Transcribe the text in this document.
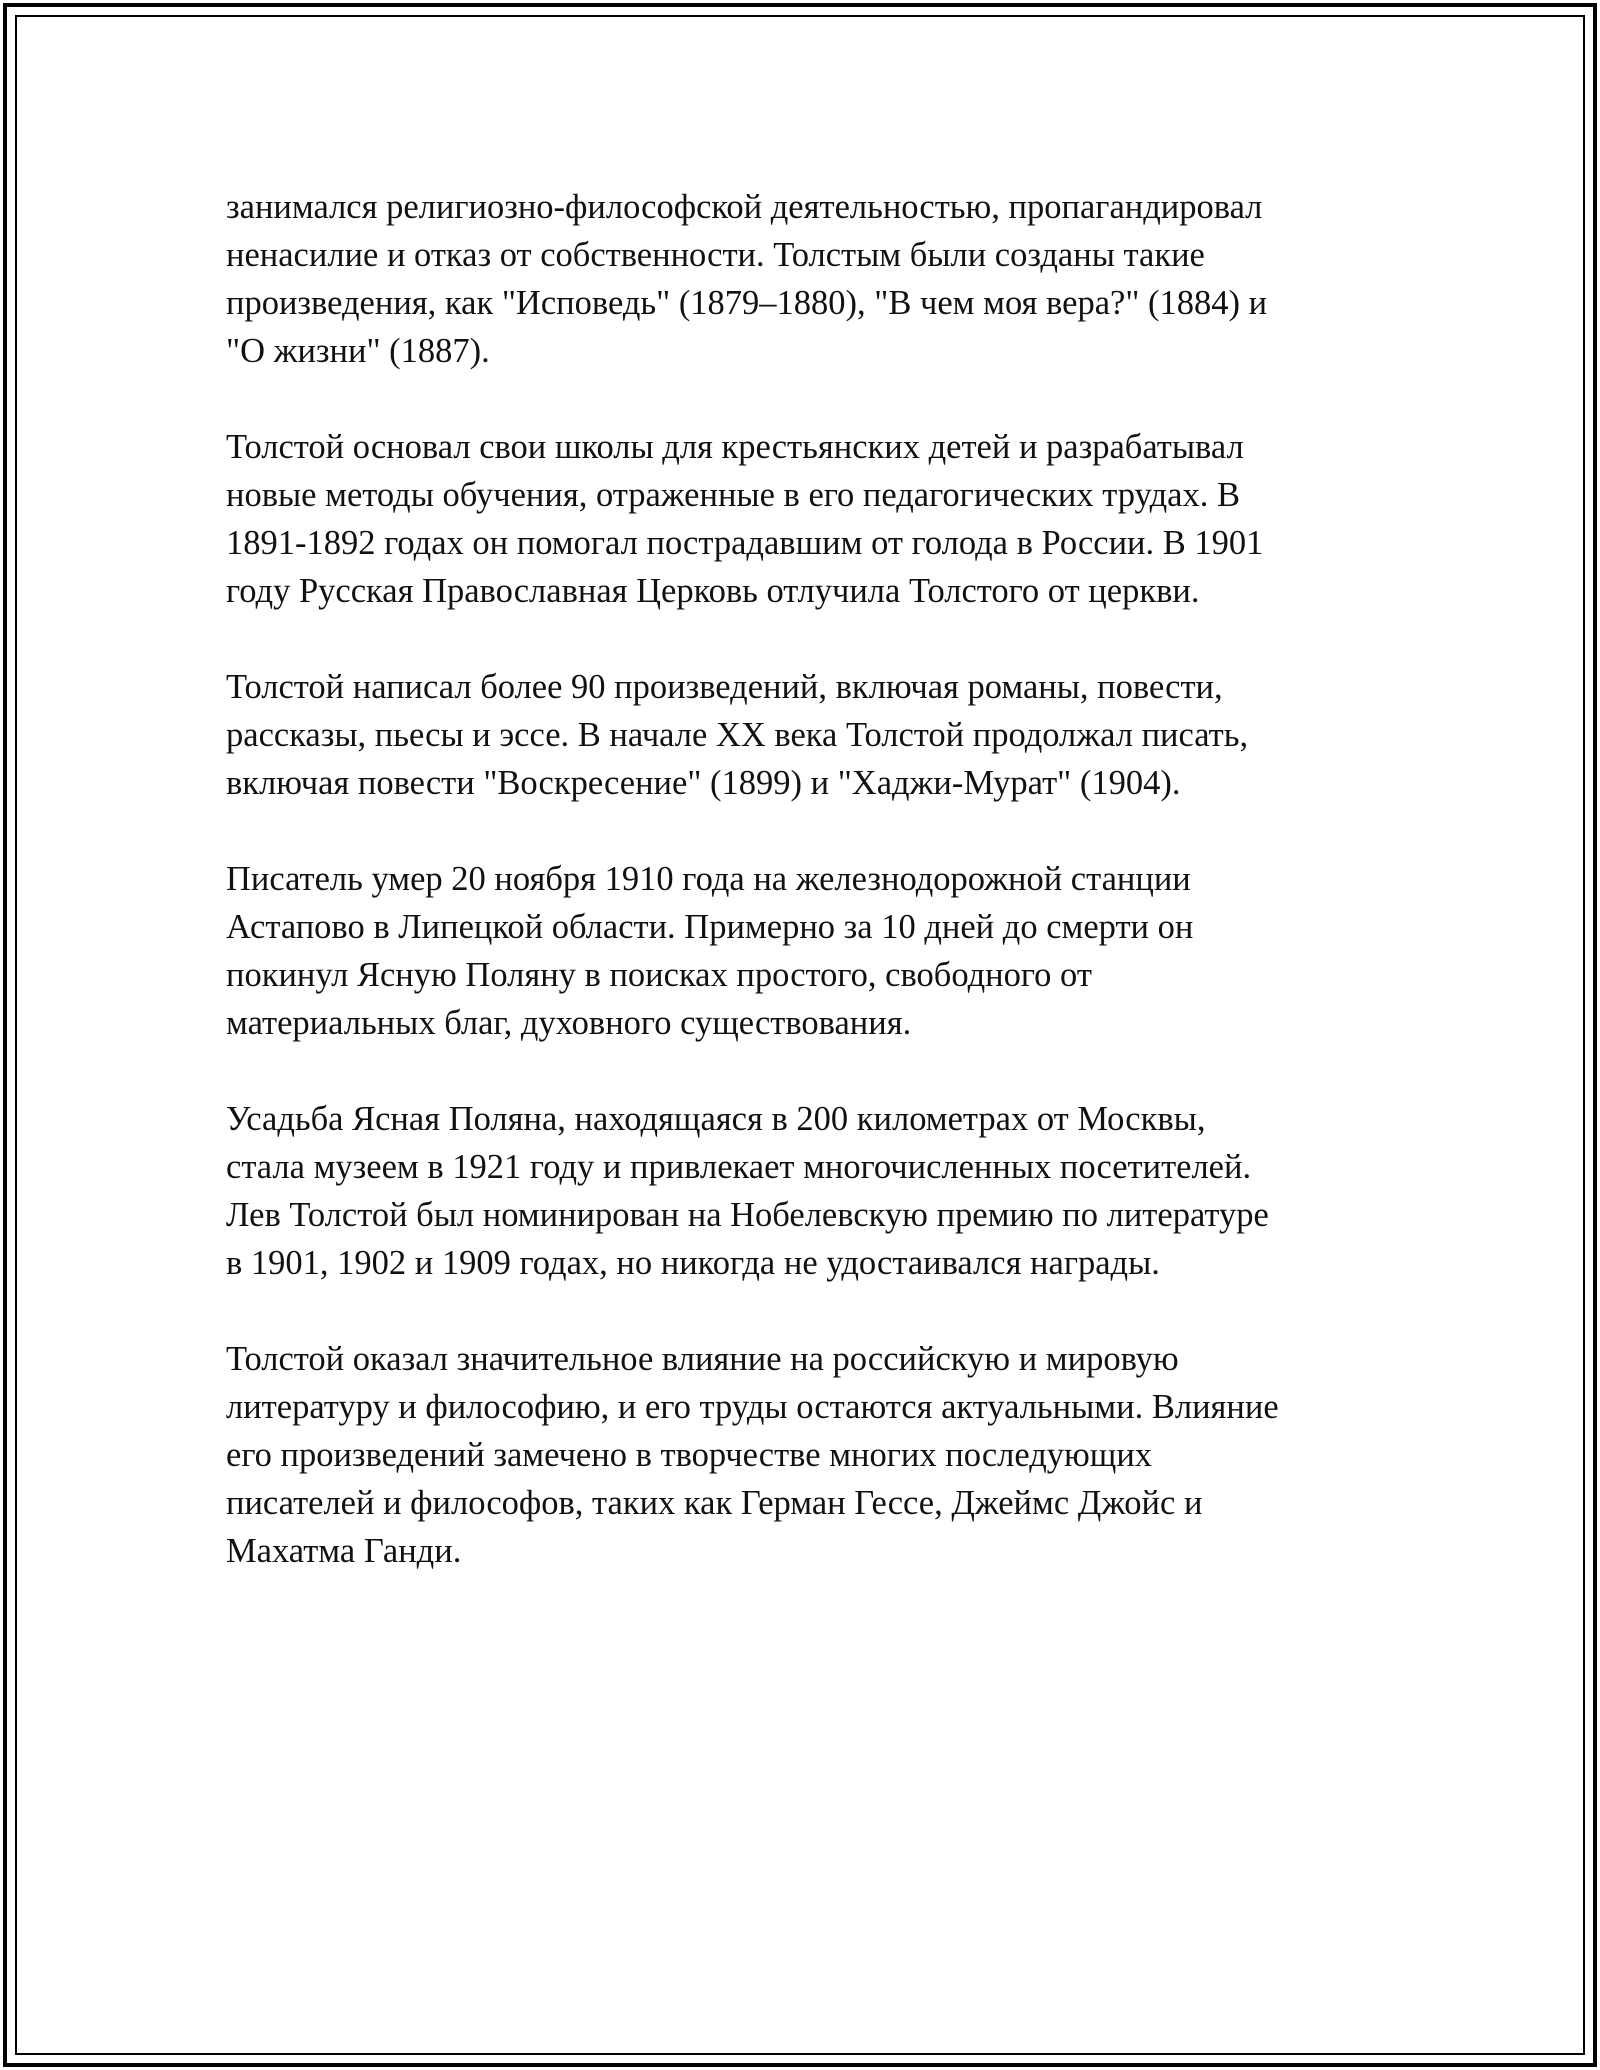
занимался религиозно-философской деятельностью, пропагандировал
ненасилие и отказ от собственности. Толстым были созданы такие
произведения, как "Исповедь" (1879–1880), "В чем моя вера?" (1884) и
"О жизни" (1887).

Толстой основал свои школы для крестьянских детей и разрабатывал
новые методы обучения, отраженные в его педагогических трудах. В
1891-1892 годах он помогал пострадавшим от голода в России. В 1901
году Русская Православная Церковь отлучила Толстого от церкви.

Толстой написал более 90 произведений, включая романы, повести,
рассказы, пьесы и эссе. В начале XX века Толстой продолжал писать,
включая повести "Воскресение" (1899) и "Хаджи-Мурат" (1904).

Писатель умер 20 ноября 1910 года на железнодорожной станции
Астапово в Липецкой области. Примерно за 10 дней до смерти он
покинул Ясную Поляну в поисках простого, свободного от
материальных благ, духовного существования.

Усадьба Ясная Поляна, находящаяся в 200 километрах от Москвы,
стала музеем в 1921 году и привлекает многочисленных посетителей.
Лев Толстой был номинирован на Нобелевскую премию по литературе
в 1901, 1902 и 1909 годах, но никогда не удостаивался награды.

Толстой оказал значительное влияние на российскую и мировую
литературу и философию, и его труды остаются актуальными. Влияние
его произведений замечено в творчестве многих последующих
писателей и философов, таких как Герман Гессе, Джеймс Джойс и
Махатма Ганди.
